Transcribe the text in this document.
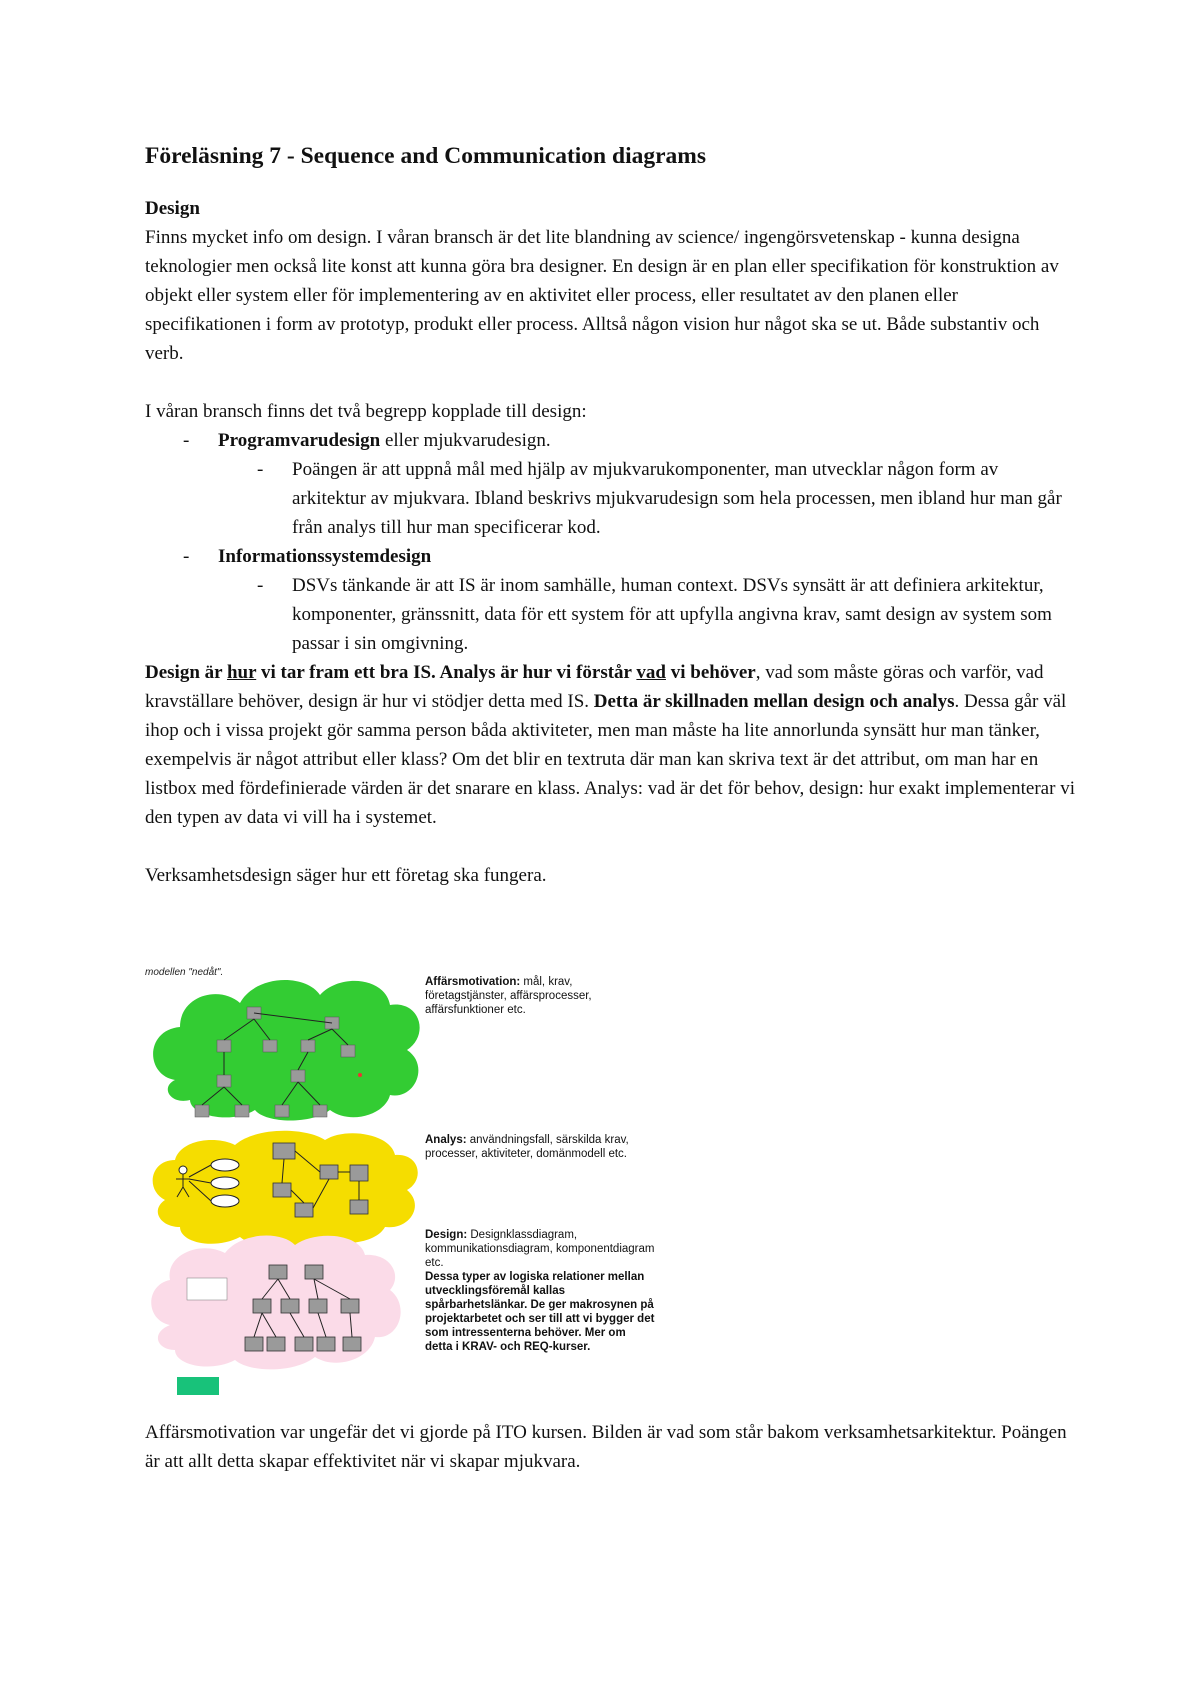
Föreläsning 7 - Sequence and Communication diagrams

Design

Finns mycket info om design. I våran bransch är det lite blandning av science/ ingengörsvetenskap - kunna designa teknologier men också lite konst att kunna göra bra designer. En design är en plan eller specifikation för konstruktion av objekt eller system eller för implementering av en aktivitet eller process, eller resultatet av den planen eller specifikationen i form av prototyp, produkt eller process. Alltså någon vision hur något ska se ut. Både substantiv och verb.

I våran bransch finns det två begrepp kopplade till design:

- Programvarudesign eller mjukvarudesign.
- Poängen är att uppnå mål med hjälp av mjukvarukomponenter, man utvecklar någon form av arkitektur av mjukvara. Ibland beskrivs mjukvarudesign som hela processen, men ibland hur man går från analys till hur man specificerar kod.
- Informationssystemdesign
- DSVs tänkande är att IS är inom samhälle, human context. DSVs synsätt är att definiera arkitektur, komponenter, gränssnitt, data för ett system för att upfylla angivna krav, samt design av system som passar i sin omgivning.

Design är hur vi tar fram ett bra IS. Analys är hur vi förstår vad vi behöver, vad som måste göras och varför, vad kravställare behöver, design är hur vi stödjer detta med IS. Detta är skillnaden mellan design och analys. Dessa går väl ihop och i vissa projekt gör samma person båda aktiviteter, men man måste ha lite annorlunda synsätt hur man tänker, exempelvis är något attribut eller klass? Om det blir en textruta där man kan skriva text är det attribut, om man har en listbox med fördefinierade värden är det snarare en klass. Analys: vad är det för behov, design: hur exakt implementerar vi den typen av data vi vill ha i systemet.

Verksamhetsdesign säger hur ett företag ska fungera.

modellen "nedåt".
Affärsmotivation: mål, krav, företagstjänster, affärsprocesser, affärsfunktioner etc.
Analys: användningsfall, särskilda krav, processer, aktiviteter, domänmodell etc.
Design: Designklassdiagram, kommunikationsdiagram, komponentdiagram etc.
Dessa typer av logiska relationer mellan utvecklingsföremål kallas spårbarhetslänkar. De ger makrosynen på projektarbetet och ser till att vi bygger det som intressenterna behöver. Mer om detta i KRAV- och REQ-kurser.

Affärsmotivation var ungefär det vi gjorde på ITO kursen. Bilden är vad som står bakom verksamhetsarkitektur. Poängen är att allt detta skapar effektivitet när vi skapar mjukvara.
